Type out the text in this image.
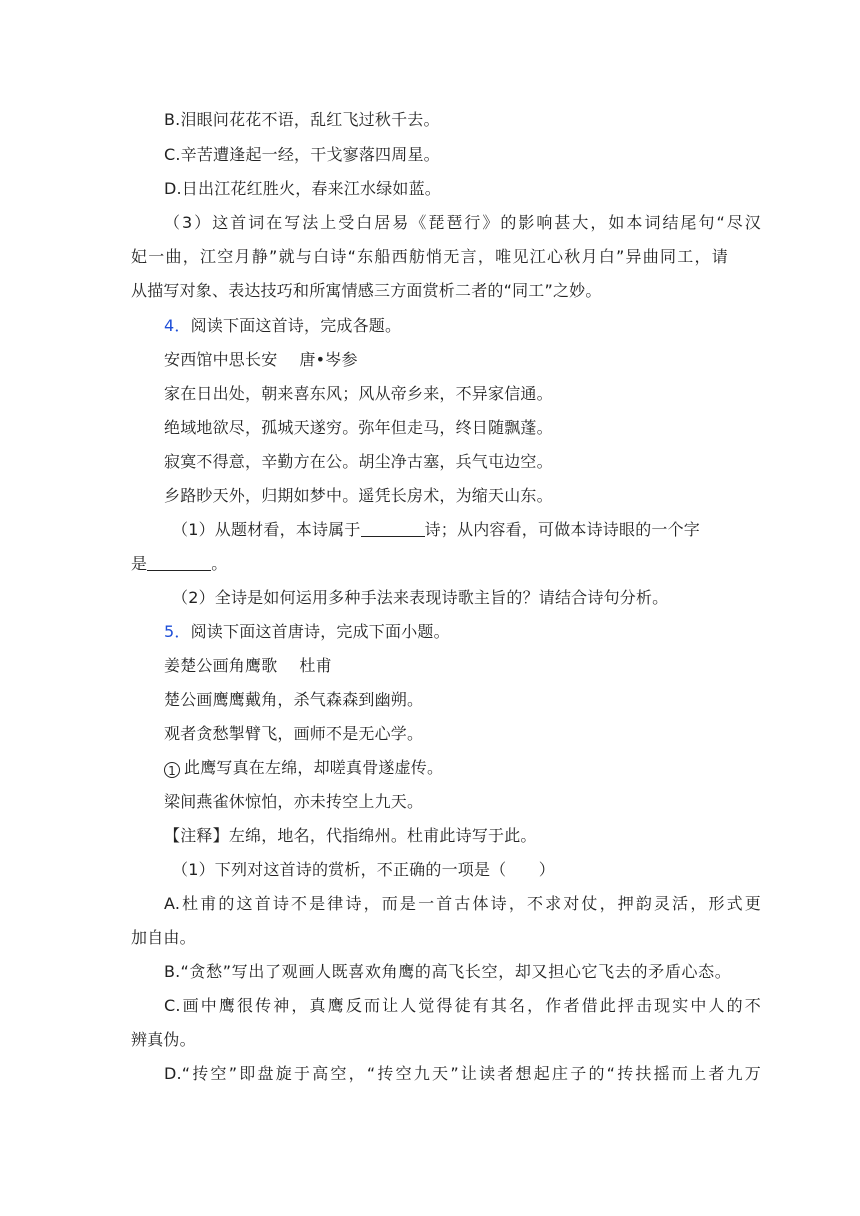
B.泪眼问花花不语，乱红飞过秋千去。
C.辛苦遭逢起一经，干戈寥落四周星。
D.日出江花红胜火，春来江水绿如蓝。
（3）这首词在写法上受白居易《琵琶行》的影响甚大，如本词结尾句“尽汉
妃一曲，江空月静”就与白诗“东船西舫悄无言，唯见江心秋月白”异曲同工，请
从描写对象、表达技巧和所寓情感三方面赏析二者的“同工”之妙。
4．阅读下面这首诗，完成各题。
安西馆中思长安 唐•岑参
家在日出处，朝来喜东风；风从帝乡来，不异家信通。
绝域地欲尽，孤城天遂穷。弥年但走马，终日随飘蓬。
寂寞不得意，辛勤方在公。胡尘净古塞，兵气屯边空。
乡路眇天外，归期如梦中。遥凭长房术，为缩天山东。
（1）从题材看，本诗属于	诗；从内容看，可做本诗诗眼的一个字
是	。
（2）全诗是如何运用多种手法来表现诗歌主旨的？请结合诗句分析。
5．阅读下面这首唐诗，完成下面小题。
姜楚公画角鹰歌 杜甫
楚公画鹰鹰戴角，杀气森森到幽朔。
观者贪愁掣臂飞，画师不是无心学。
1 此鹰写真在左绵，却嗟真骨遂虚传。
梁间燕雀休惊怕，亦未抟空上九天。
【注释】左绵，地名，代指绵州。杜甫此诗写于此。
（1）下列对这首诗的赏析，不正确的一项是（　　）
A.杜甫的这首诗不是律诗，而是一首古体诗，不求对仗，押韵灵活，形式更
加自由。
B.“贪愁”写出了观画人既喜欢角鹰的高飞长空，却又担心它飞去的矛盾心态。
C.画中鹰很传神，真鹰反而让人觉得徒有其名，作者借此抨击现实中人的不
辨真伪。
D.“抟空”即盘旋于高空，“抟空九天”让读者想起庄子的“抟扶摇而上者九万
